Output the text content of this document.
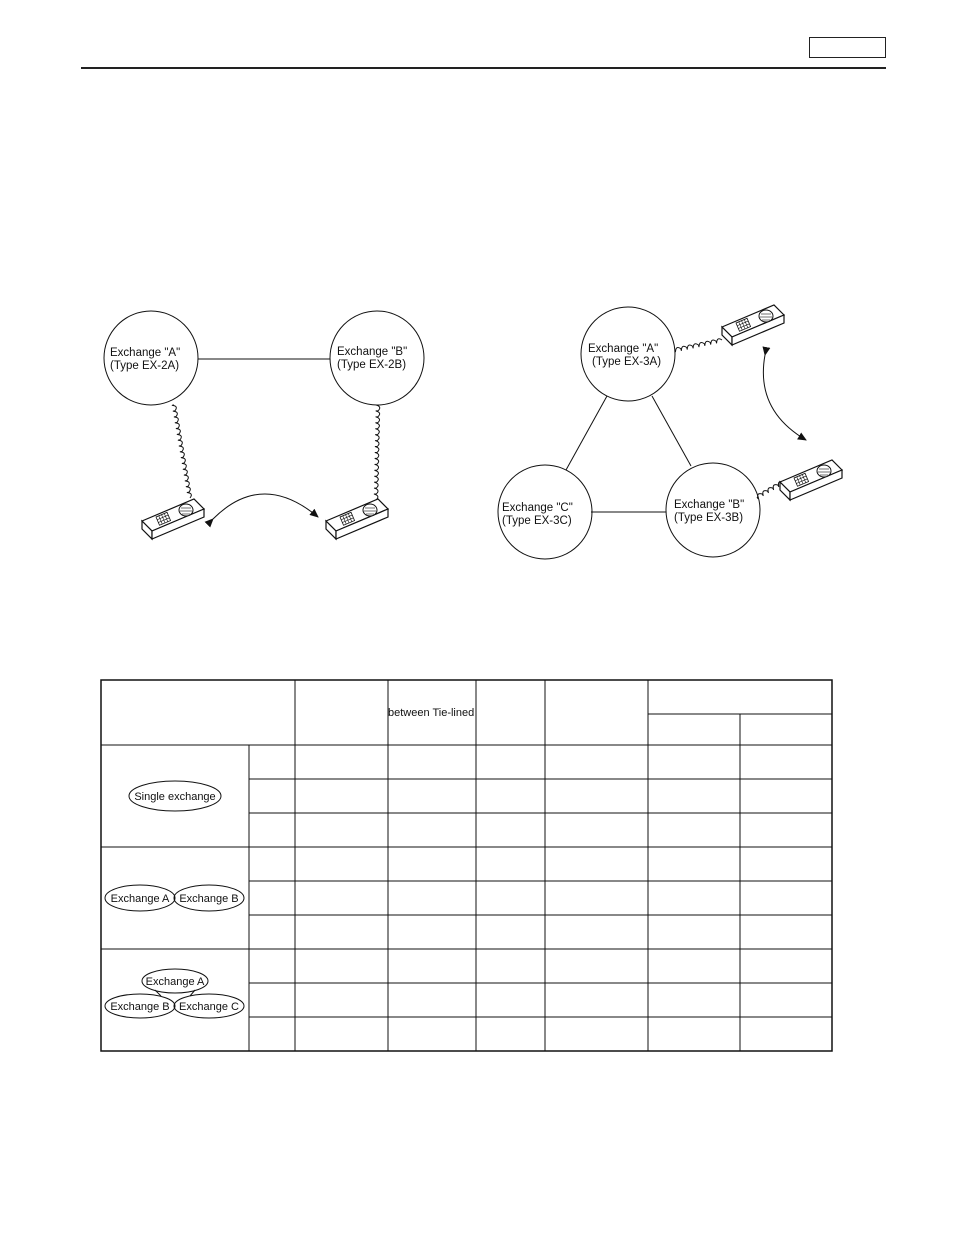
Exchange "A"
(Type EX-2A)
Exchange "B"
(Type EX-2B)
Exchange "A"
(Type EX-3A)
Exchange "C"
(Type EX-3C)
Exchange "B"
(Type EX-3B)
between Tie-lined
Single exchange
Exchange A Exchange B
Exchange A
Exchange B Exchange C
